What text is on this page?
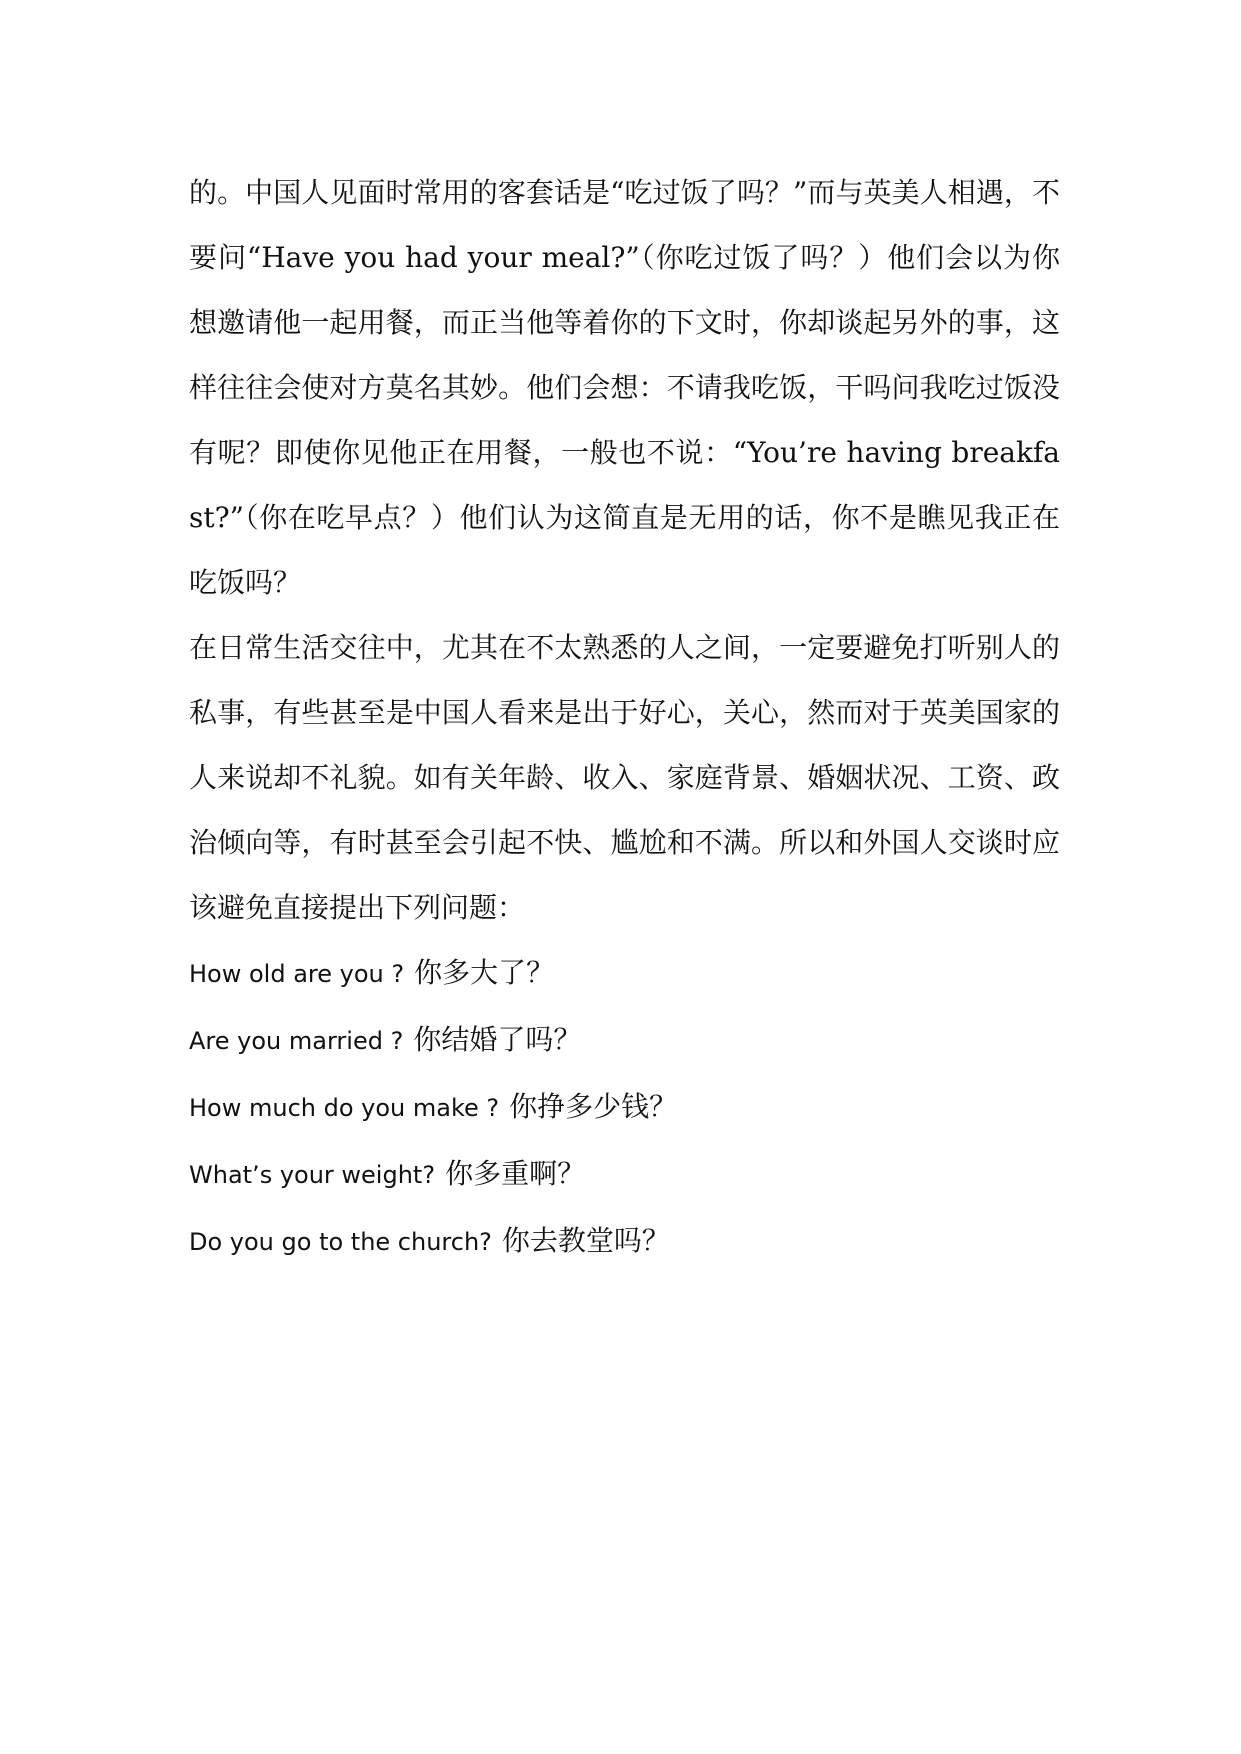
的。中国人见面时常用的客套话是“吃过饭了吗？”而与英美人相遇，不要问“Have you had your meal?”（你吃过饭了吗？）他们会以为你想邀请他一起用餐，而正当他等着你的下文时，你却谈起另外的事，这样往往会使对方莫名其妙。他们会想：不请我吃饭，干吗问我吃过饭没有呢？即使你见他正在用餐，一般也不说：“You’re having breakfast?”（你在吃早点？）他们认为这简直是无用的话，你不是瞧见我正在吃饭吗？

在日常生活交往中，尤其在不太熟悉的人之间，一定要避免打听别人的私事，有些甚至是中国人看来是出于好心，关心，然而对于英美国家的人来说却不礼貌。如有关年龄、收入、家庭背景、婚姻状况、工资、政治倾向等，有时甚至会引起不快、尴尬和不满。所以和外国人交谈时应该避免直接提出下列问题：

How old are you ? 你多大了？
Are you married ? 你结婚了吗？
How much do you make ? 你挣多少钱？
What’s your weight? 你多重啊？
Do you go to the church? 你去教堂吗？
